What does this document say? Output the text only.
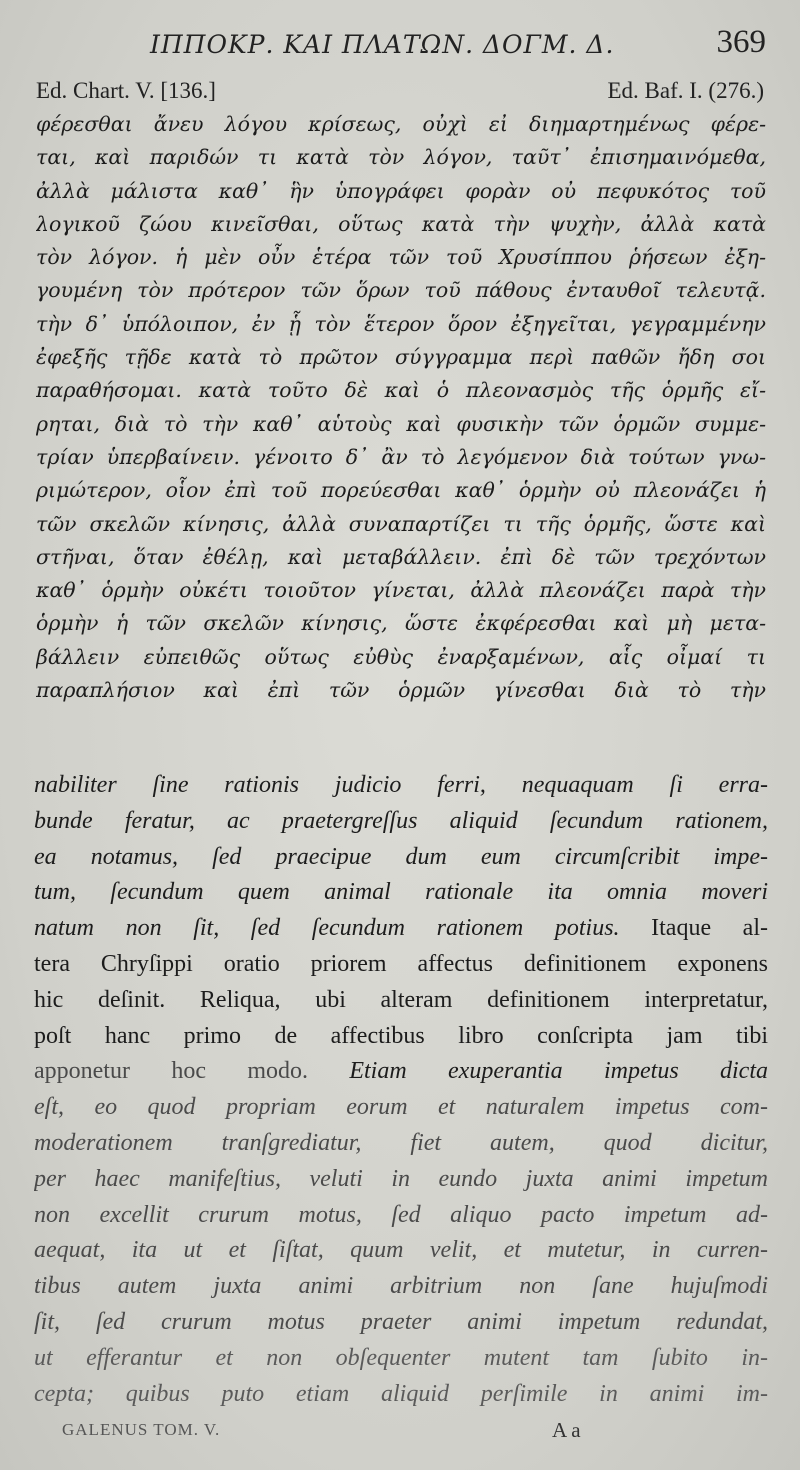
ΙΠΠΟΚΡ. ΚΑΙ ΠΛΑΤΩΝ. ΔΟΓΜ. Δ.	369
Ed. Chart. V. [136.]	Ed. Baf. I. (276.)
φέρεσθαι ἄνευ λόγου κρίσεως, οὐχὶ εἰ διημαρτημένως φέρε-
ται, καὶ παριδών τι κατὰ τὸν λόγον, ταῦτ᾽ ἐπισημαινόμεθα,
ἀλλὰ μάλιστα καθ᾽ ἣν ὑπογράφει φορὰν οὐ πεφυκότος τοῦ
λογικοῦ ζώου κινεῖσθαι, οὕτως κατὰ τὴν ψυχὴν, ἀλλὰ κατὰ
τὸν λόγον. ἡ μὲν οὖν ἑτέρα τῶν τοῦ Χρυσίππου ῥήσεων ἐξη-
γουμένη τὸν πρότερον τῶν ὅρων τοῦ πάθους ἐνταυθοῖ τελευτᾷ.
τὴν δ᾽ ὑπόλοιπον, ἐν ᾗ τὸν ἕτερον ὅρον ἐξηγεῖται, γεγραμμένην
ἐφεξῆς τῇδε κατὰ τὸ πρῶτον σύγγραμμα περὶ παθῶν ἤδη σοι
παραθήσομαι. κατὰ τοῦτο δὲ καὶ ὁ πλεονασμὸς τῆς ὁρμῆς εἴ-
ρηται, διὰ τὸ τὴν καθ᾽ αὑτοὺς καὶ φυσικὴν τῶν ὁρμῶν συμμε-
τρίαν ὑπερβαίνειν. γένοιτο δ᾽ ἂν τὸ λεγόμενον διὰ τούτων γνω-
ριμώτερον, οἷον ἐπὶ τοῦ πορεύεσθαι καθ᾽ ὁρμὴν οὐ πλεονάζει ἡ
τῶν σκελῶν κίνησις, ἀλλὰ συναπαρτίζει τι τῆς ὁρμῆς, ὥστε καὶ
στῆναι, ὅταν ἐθέλῃ, καὶ μεταβάλλειν. ἐπὶ δὲ τῶν τρεχόντων
καθ᾽ ὁρμὴν οὐκέτι τοιοῦτον γίνεται, ἀλλὰ πλεονάζει παρὰ τὴν
ὁρμὴν ἡ τῶν σκελῶν κίνησις, ὥστε ἐκφέρεσθαι καὶ μὴ μετα-
βάλλειν εὐπειθῶς οὕτως εὐθὺς ἐναρξαμένων, αἷς οἶμαί τι
παραπλήσιον καὶ ἐπὶ τῶν ὁρμῶν γίνεσθαι διὰ τὸ τὴν
nabiliter ſine rationis judicio ferri, nequaquam ſi erra-
bunde feratur, ac praetergreſſus aliquid ſecundum rationem,
ea notamus, ſed praecipue dum eum circumſcribit impe-
tum, ſecundum quem animal rationale ita omnia moveri
natum non ſit, ſed ſecundum rationem potius. Itaque al-
tera Chryſippi oratio priorem affectus definitionem exponens
hic deſinit. Reliqua, ubi alteram definitionem interpretatur,
poſt hanc primo de affectibus libro conſcripta jam tibi
apponetur hoc modo. Etiam exuperantia impetus dicta
eſt, eo quod propriam eorum et naturalem impetus com-
moderationem tranſgrediatur, fiet autem, quod dicitur,
per haec manifeſtius, veluti in eundo juxta animi impetum
non excellit crurum motus, ſed aliquo pacto impetum ad-
aequat, ita ut et ſiſtat, quum velit, et mutetur, in curren-
tibus autem juxta animi arbitrium non ſane hujuſmodi
ſit, ſed crurum motus praeter animi impetum redundat,
ut efferantur et non obſequenter mutent tam ſubito in-
cepta; quibus puto etiam aliquid perſimile in animi im-
GALENUS TOM. V.	A a
